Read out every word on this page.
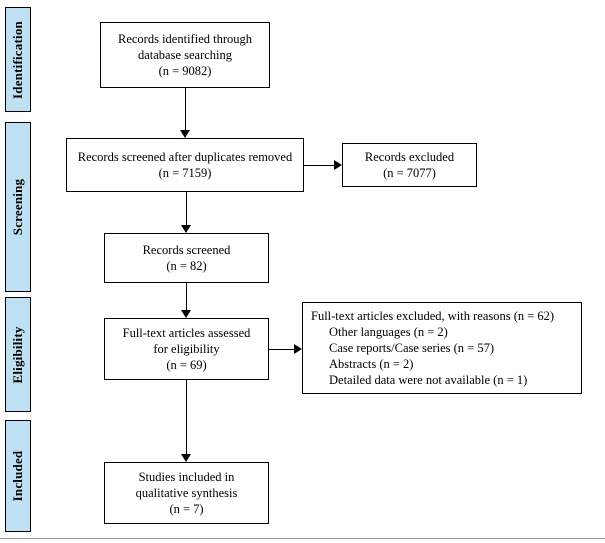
Identification
Screening
Eligibility
Included
Records identified through
database searching
(n = 9082)
Records screened after duplicates removed
(n = 7159)
Records excluded
(n = 7077)
Records screened
(n = 82)
Full-text articles assessed
for eligibility
(n = 69)
Full-text articles excluded, with reasons (n = 62)
Other languages (n = 2)
Case reports/Case series (n = 57)
Abstracts (n = 2)
Detailed data were not available (n = 1)
Studies included in
qualitative synthesis
(n = 7)
